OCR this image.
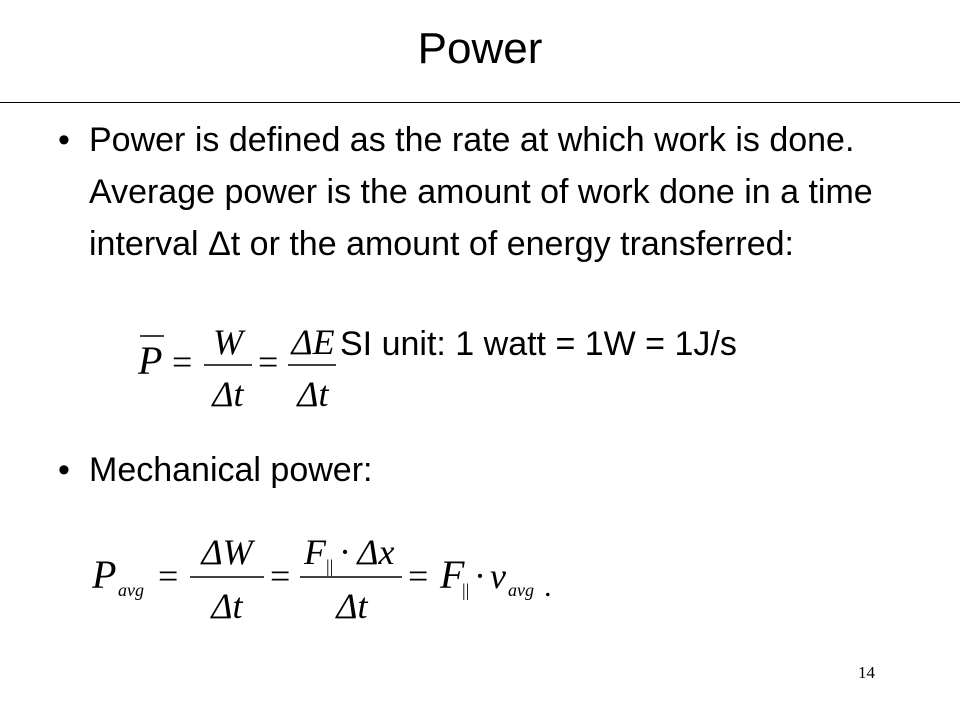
Power
• Power is defined as the rate at which work is done. Average power is the amount of work done in a time interval Δt or the amount of energy transferred:
SI unit: 1 watt = 1W = 1J/s
P = W
Δt
= ΔE
Δt
• Mechanical power:
P avg =
ΔW
Δt
=
F || · Δx
Δt
= F
|| · v avg .
14
